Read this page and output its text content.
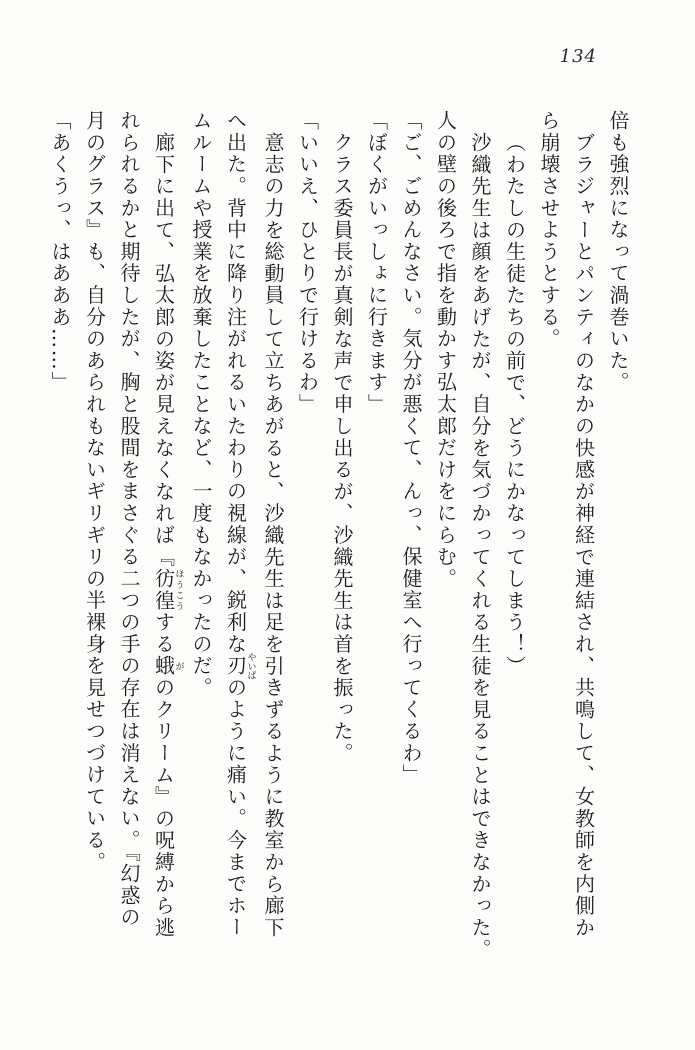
134
倍も強烈になって渦巻いた。
ブラジャーとパンティのなかの快感が神経で連結され、共鳴して、女教師を内側か
ら崩壊させようとする。
（わたしの生徒たちの前で、どうにかなってしまう！）
沙織先生は顔をあげたが、自分を気づかってくれる生徒を見ることはできなかった。
人の壁の後ろで指を動かす弘太郎だけをにらむ。
「ご、ごめんなさい。気分が悪くて、んっ、保健室へ行ってくるわ」
「ぼくがいっしょに行きます」
クラス委員長が真剣な声で申し出るが、沙織先生は首を振った。
「いいえ、ひとりで行けるわ」
意志の力を総動員して立ちあがると、沙織先生は足を引きずるように教室から廊下
へ出た。背中に降り注がれるいたわりの視線が、鋭利な刃やいばのように痛い。今までホー
ムルームや授業を放棄したことなど、一度もなかったのだ。
廊下に出て、弘太郎の姿が見えなくなれば『彷徨ほうこうする蛾がのクリーム』の呪縛から逃
れられるかと期待したが、胸と股間をまさぐる二つの手の存在は消えない。『幻惑の
月のグラス』も、自分のあられもないギリギリの半裸身を見せつづけている。
「あくうっ、はあああ……」
